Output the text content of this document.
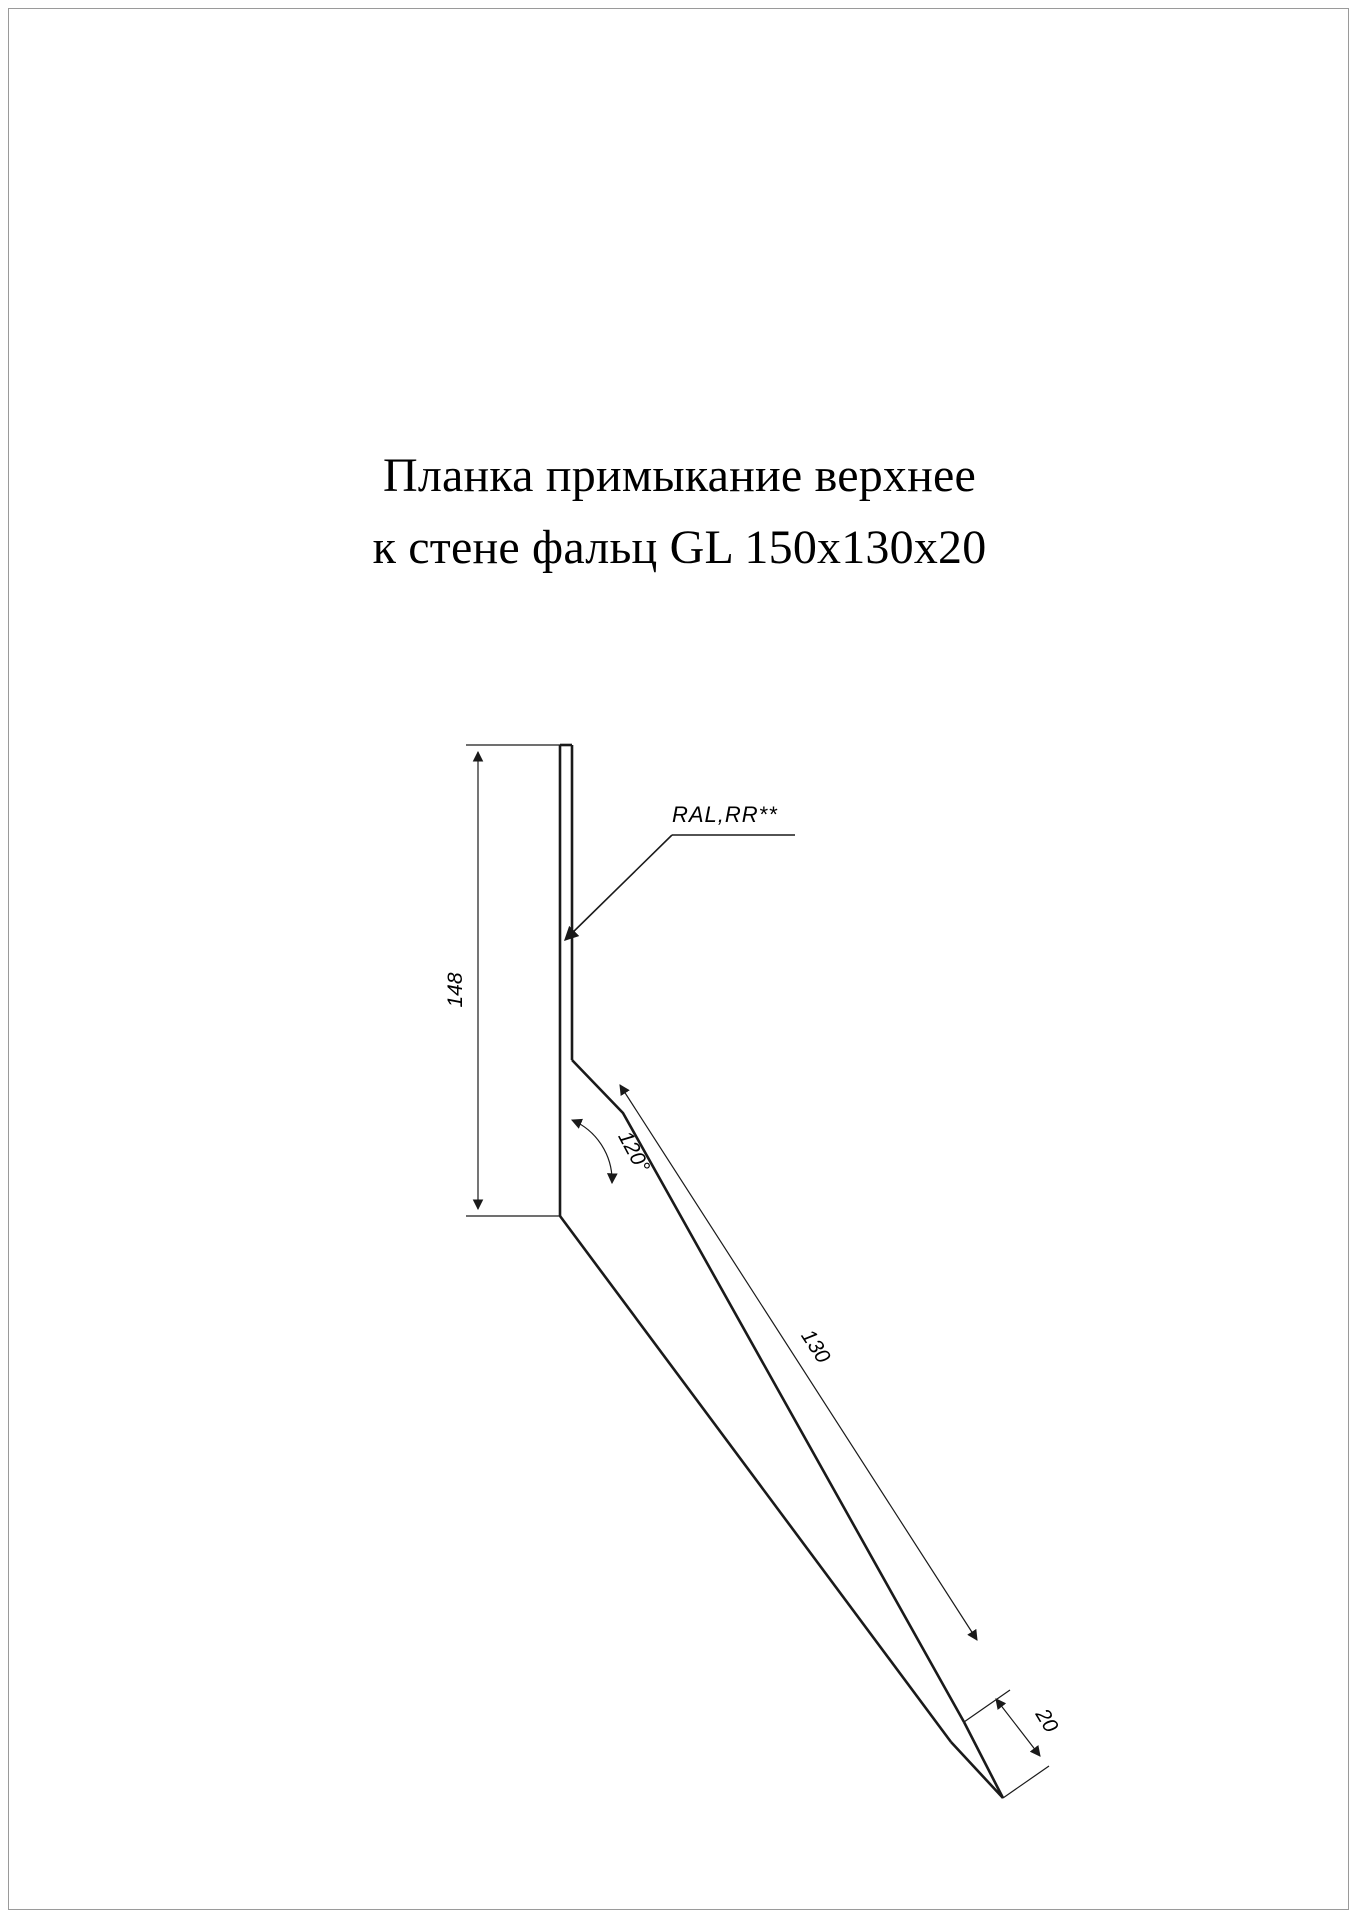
Планка примыкание верхнее
к стене фальц GL 150x130x20
148
130
20
120°
RAL,RR**
